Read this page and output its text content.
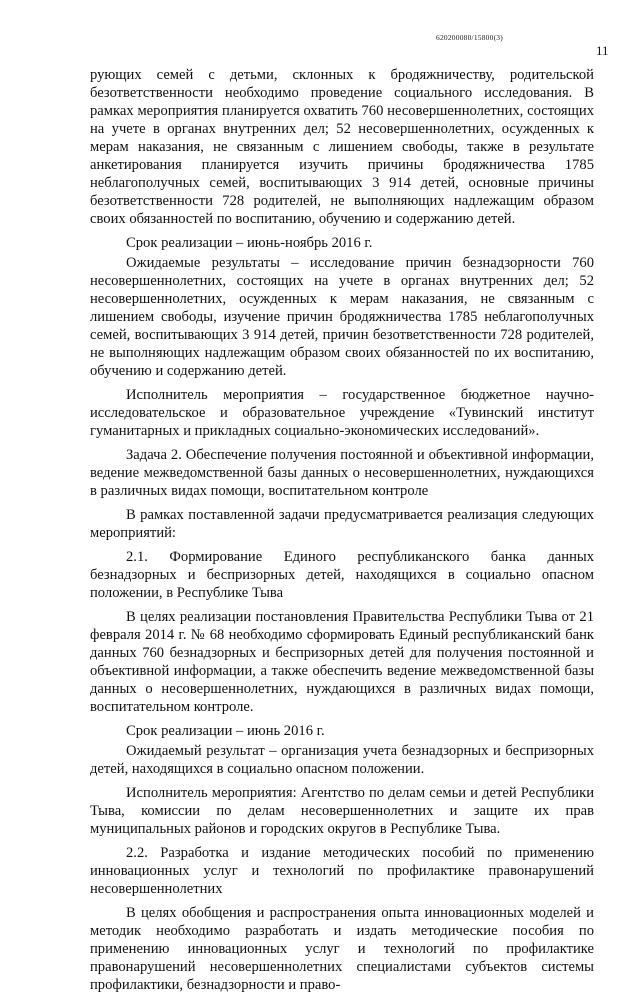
620200080/15800(3)
11

рующих семей с детьми, склонных к бродяжничеству, родительской безответственности необходимо проведение социального исследования. В рамках мероприятия планируется охватить 760 несовершеннолетних, состоящих на учете в органах внутренних дел; 52 несовершеннолетних, осужденных к мерам наказания, не связанным с лишением свободы, также в результате анкетирования планируется изучить причины бродяжничества 1785 неблагополучных семей, воспитывающих 3 914 детей, основные причины безответственности 728 родителей, не выполняющих надлежащим образом своих обязанностей по воспитанию, обучению и содержанию детей.

Срок реализации – июнь-ноябрь 2016 г.

Ожидаемые результаты – исследование причин безнадзорности 760 несовершеннолетних, состоящих на учете в органах внутренних дел; 52 несовершеннолетних, осужденных к мерам наказания, не связанным с лишением свободы, изучение причин бродяжничества 1785 неблагополучных семей, воспитывающих 3 914 детей, причин безответственности 728 родителей, не выполняющих надлежащим образом своих обязанностей по их воспитанию, обучению и содержанию детей.

Исполнитель мероприятия – государственное бюджетное научно-исследовательское и образовательное учреждение «Тувинский институт гуманитарных и прикладных социально-экономических исследований».

Задача 2. Обеспечение получения постоянной и объективной информации, ведение межведомственной базы данных о несовершеннолетних, нуждающихся в различных видах помощи, воспитательном контроле

В рамках поставленной задачи предусматривается реализация следующих мероприятий:

2.1. Формирование Единого республиканского банка данных безнадзорных и беспризорных детей, находящихся в социально опасном положении, в Республике Тыва

В целях реализации постановления Правительства Республики Тыва от 21 февраля 2014 г. № 68 необходимо сформировать Единый республиканский банк данных 760 безнадзорных и беспризорных детей для получения постоянной и объективной информации, а также обеспечить ведение межведомственной базы данных о несовершеннолетних, нуждающихся в различных видах помощи, воспитательном контроле.

Срок реализации – июнь 2016 г.

Ожидаемый результат – организация учета безнадзорных и беспризорных детей, находящихся в социально опасном положении.

Исполнитель мероприятия: Агентство по делам семьи и детей Республики Тыва, комиссии по делам несовершеннолетних и защите их прав муниципальных районов и городских округов в Республике Тыва.

2.2. Разработка и издание методических пособий по применению инновационных услуг и технологий по профилактике правонарушений несовершеннолетних

В целях обобщения и распространения опыта инновационных моделей и методик необходимо разработать и издать методические пособия по применению инновационных услуг и технологий по профилактике правонарушений несовершеннолетних специалистами субъектов системы профилактики, безнадзорности и право-
